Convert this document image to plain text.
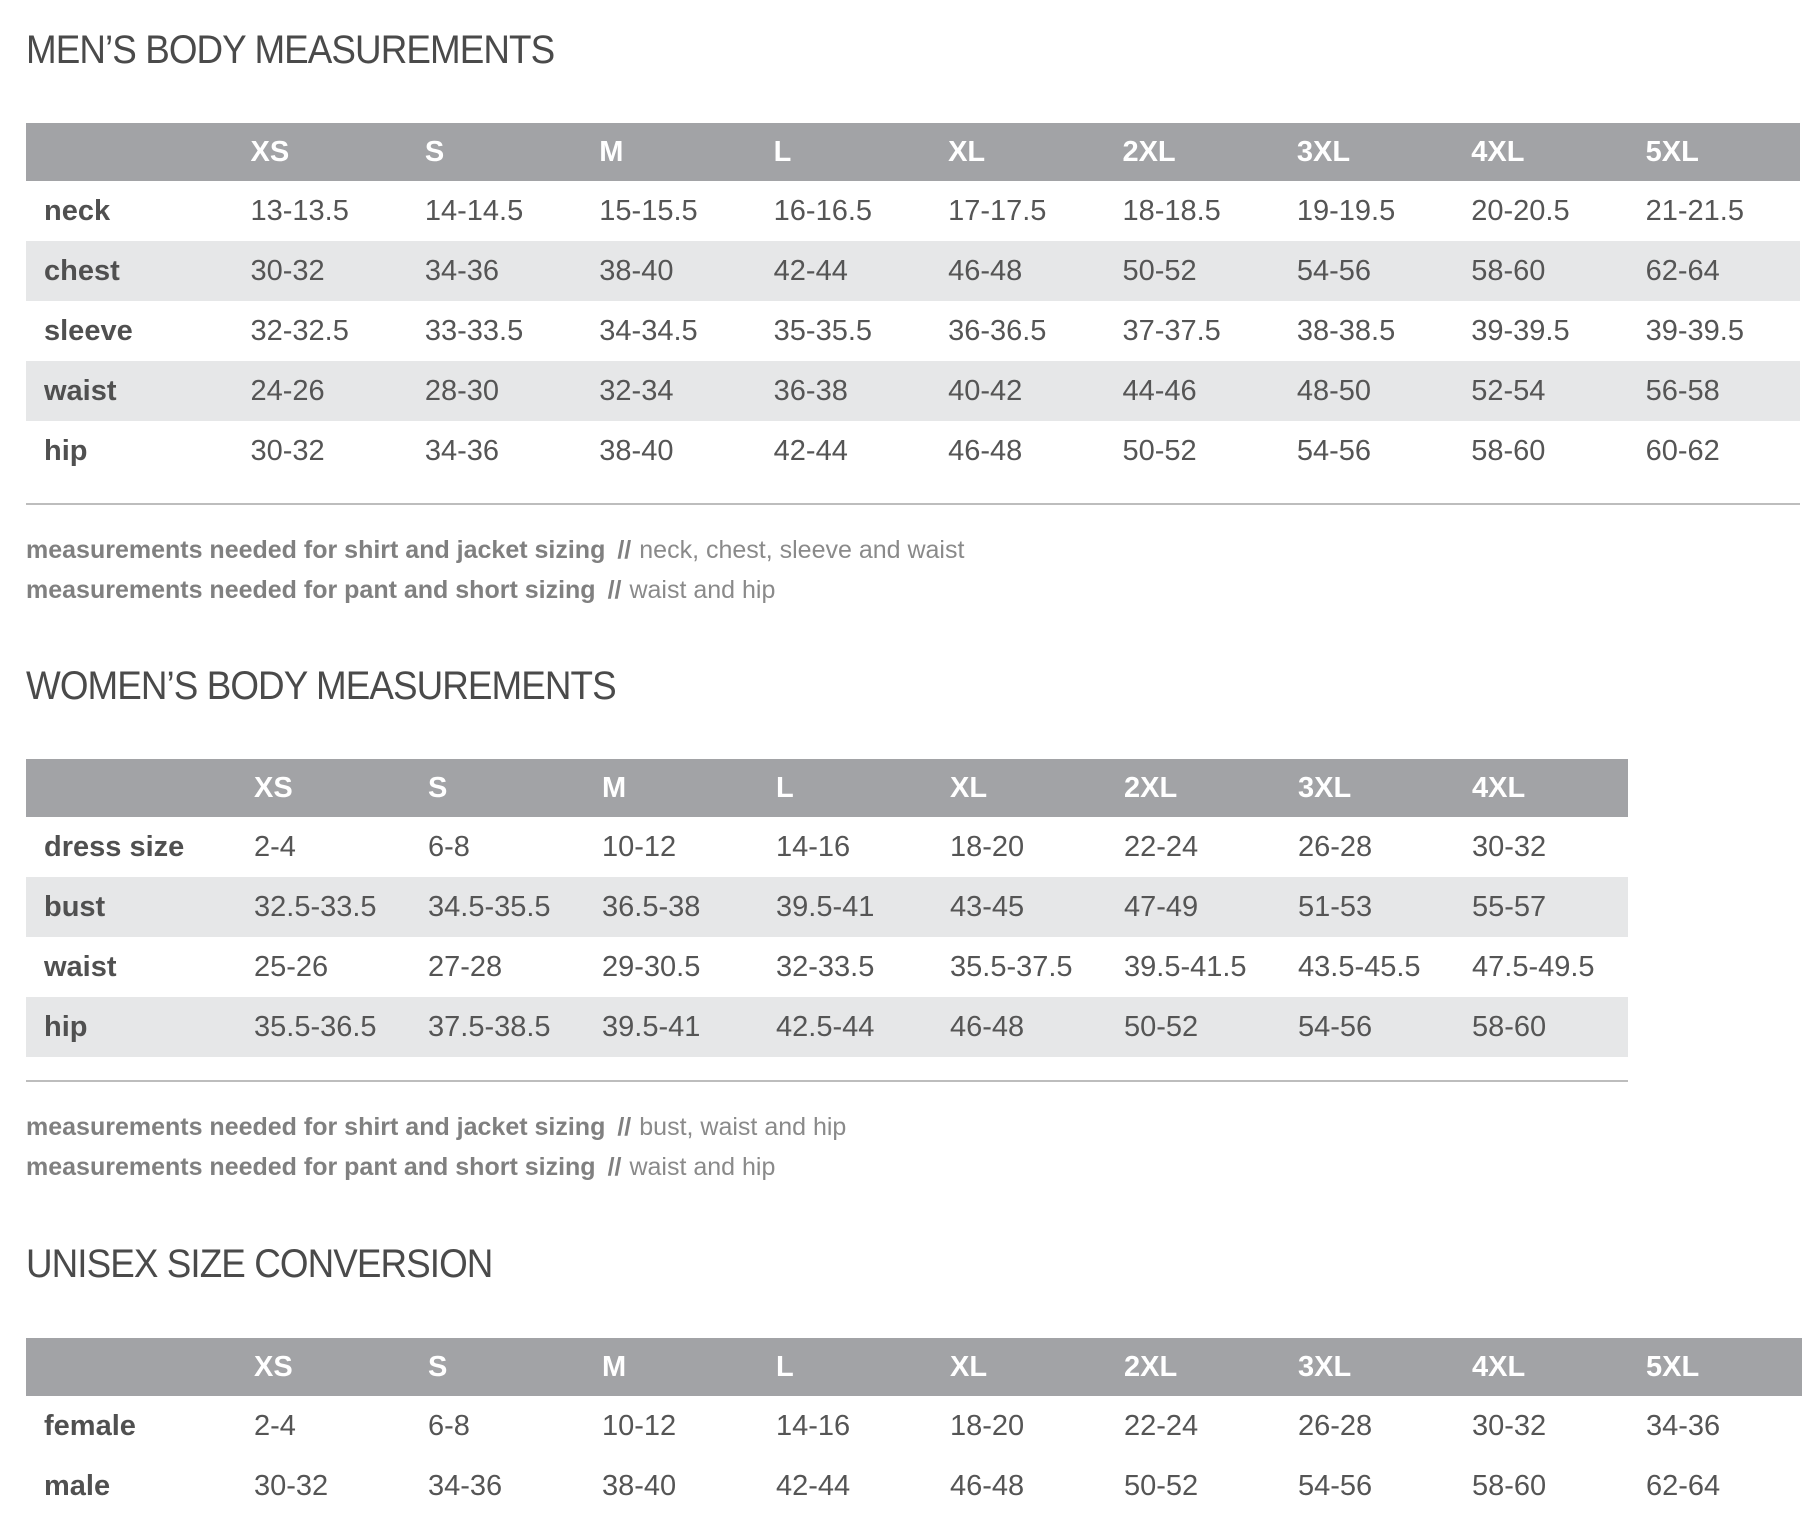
MEN’S BODY MEASUREMENTS
	XS	S	M	L	XL	2XL	3XL	4XL	5XL
neck	13-13.5	14-14.5	15-15.5	16-16.5	17-17.5	18-18.5	19-19.5	20-20.5	21-21.5
chest	30-32	34-36	38-40	42-44	46-48	50-52	54-56	58-60	62-64
sleeve	32-32.5	33-33.5	34-34.5	35-35.5	36-36.5	37-37.5	38-38.5	39-39.5	39-39.5
waist	24-26	28-30	32-34	36-38	40-42	44-46	48-50	52-54	56-58
hip	30-32	34-36	38-40	42-44	46-48	50-52	54-56	58-60	60-62
measurements needed for shirt and jacket sizing // neck, chest, sleeve and waist
measurements needed for pant and short sizing // waist and hip
WOMEN’S BODY MEASUREMENTS
	XS	S	M	L	XL	2XL	3XL	4XL
dress size	2-4	6-8	10-12	14-16	18-20	22-24	26-28	30-32
bust	32.5-33.5	34.5-35.5	36.5-38	39.5-41	43-45	47-49	51-53	55-57
waist	25-26	27-28	29-30.5	32-33.5	35.5-37.5	39.5-41.5	43.5-45.5	47.5-49.5
hip	35.5-36.5	37.5-38.5	39.5-41	42.5-44	46-48	50-52	54-56	58-60
measurements needed for shirt and jacket sizing // bust, waist and hip
measurements needed for pant and short sizing // waist and hip
UNISEX SIZE CONVERSION
	XS	S	M	L	XL	2XL	3XL	4XL	5XL
female	2-4	6-8	10-12	14-16	18-20	22-24	26-28	30-32	34-36
male	30-32	34-36	38-40	42-44	46-48	50-52	54-56	58-60	62-64
